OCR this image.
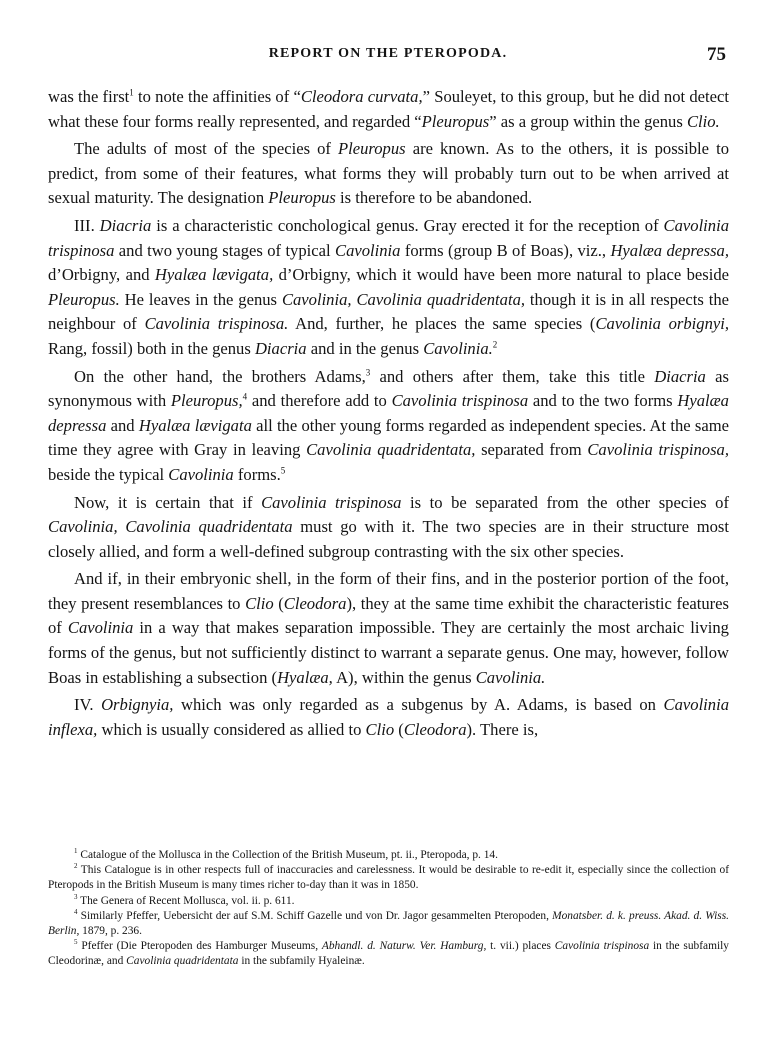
REPORT ON THE PTEROPODA.	75

was the first$^1$ to note the affinities of “Cleodora curvata,” Souleyet, to this group, but he did not detect what these four forms really represented, and regarded “Pleuropus” as a group within the genus Clio.

The adults of most of the species of Pleuropus are known. As to the others, it is possible to predict, from some of their features, what forms they will probably turn out to be when arrived at sexual maturity. The designation Pleuropus is therefore to be abandoned.

III. Diacria is a characteristic conchological genus. Gray erected it for the reception of Cavolinia trispinosa and two young stages of typical Cavolinia forms (group B of Boas), viz., Hyalæa depressa, d’Orbigny, and Hyalæa lævigata, d’Orbigny, which it would have been more natural to place beside Pleuropus. He leaves in the genus Cavolinia, Cavolinia quadridentata, though it is in all respects the neighbour of Cavolinia trispinosa. And, further, he places the same species (Cavolinia orbignyi, Rang, fossil) both in the genus Diacria and in the genus Cavolinia.$^2$

On the other hand, the brothers Adams,$^3$ and others after them, take this title Diacria as synonymous with Pleuropus,$^4$ and therefore add to Cavolinia trispinosa and to the two forms Hyalæa depressa and Hyalæa lævigata all the other young forms regarded as independent species. At the same time they agree with Gray in leaving Cavolinia quadridentata, separated from Cavolinia trispinosa, beside the typical Cavolinia forms.$^5$

Now, it is certain that if Cavolinia trispinosa is to be separated from the other species of Cavolinia, Cavolinia quadridentata must go with it. The two species are in their structure most closely allied, and form a well-defined subgroup contrasting with the six other species.

And if, in their embryonic shell, in the form of their fins, and in the posterior portion of the foot, they present resemblances to Clio (Cleodora), they at the same time exhibit the characteristic features of Cavolinia in a way that makes separation impossible. They are certainly the most archaic living forms of the genus, but not sufficiently distinct to warrant a separate genus. One may, however, follow Boas in establishing a subsection (Hyalæa, A), within the genus Cavolinia.

IV. Orbignyia, which was only regarded as a subgenus by A. Adams, is based on Cavolinia inflexa, which is usually considered as allied to Clio (Cleodora). There is,

$^1$ Catalogue of the Mollusca in the Collection of the British Museum, pt. ii., Pteropoda, p. 14.

$^2$ This Catalogue is in other respects full of inaccuracies and carelessness. It would be desirable to re-edit it, especially since the collection of Pteropods in the British Museum is many times richer to-day than it was in 1850.

$^3$ The Genera of Recent Mollusca, vol. ii. p. 611.

$^4$ Similarly Pfeffer, Uebersicht der auf S.M. Schiff Gazelle und von Dr. Jagor gesammelten Pteropoden, Monatsber. d. k. preuss. Akad. d. Wiss. Berlin, 1879, p. 236.

$^5$ Pfeffer (Die Pteropoden des Hamburger Museums, Abhandl. d. Naturw. Ver. Hamburg, t. vii.) places Cavolinia trispinosa in the subfamily Cleodorinæ, and Cavolinia quadridentata in the subfamily Hyaleinæ.
